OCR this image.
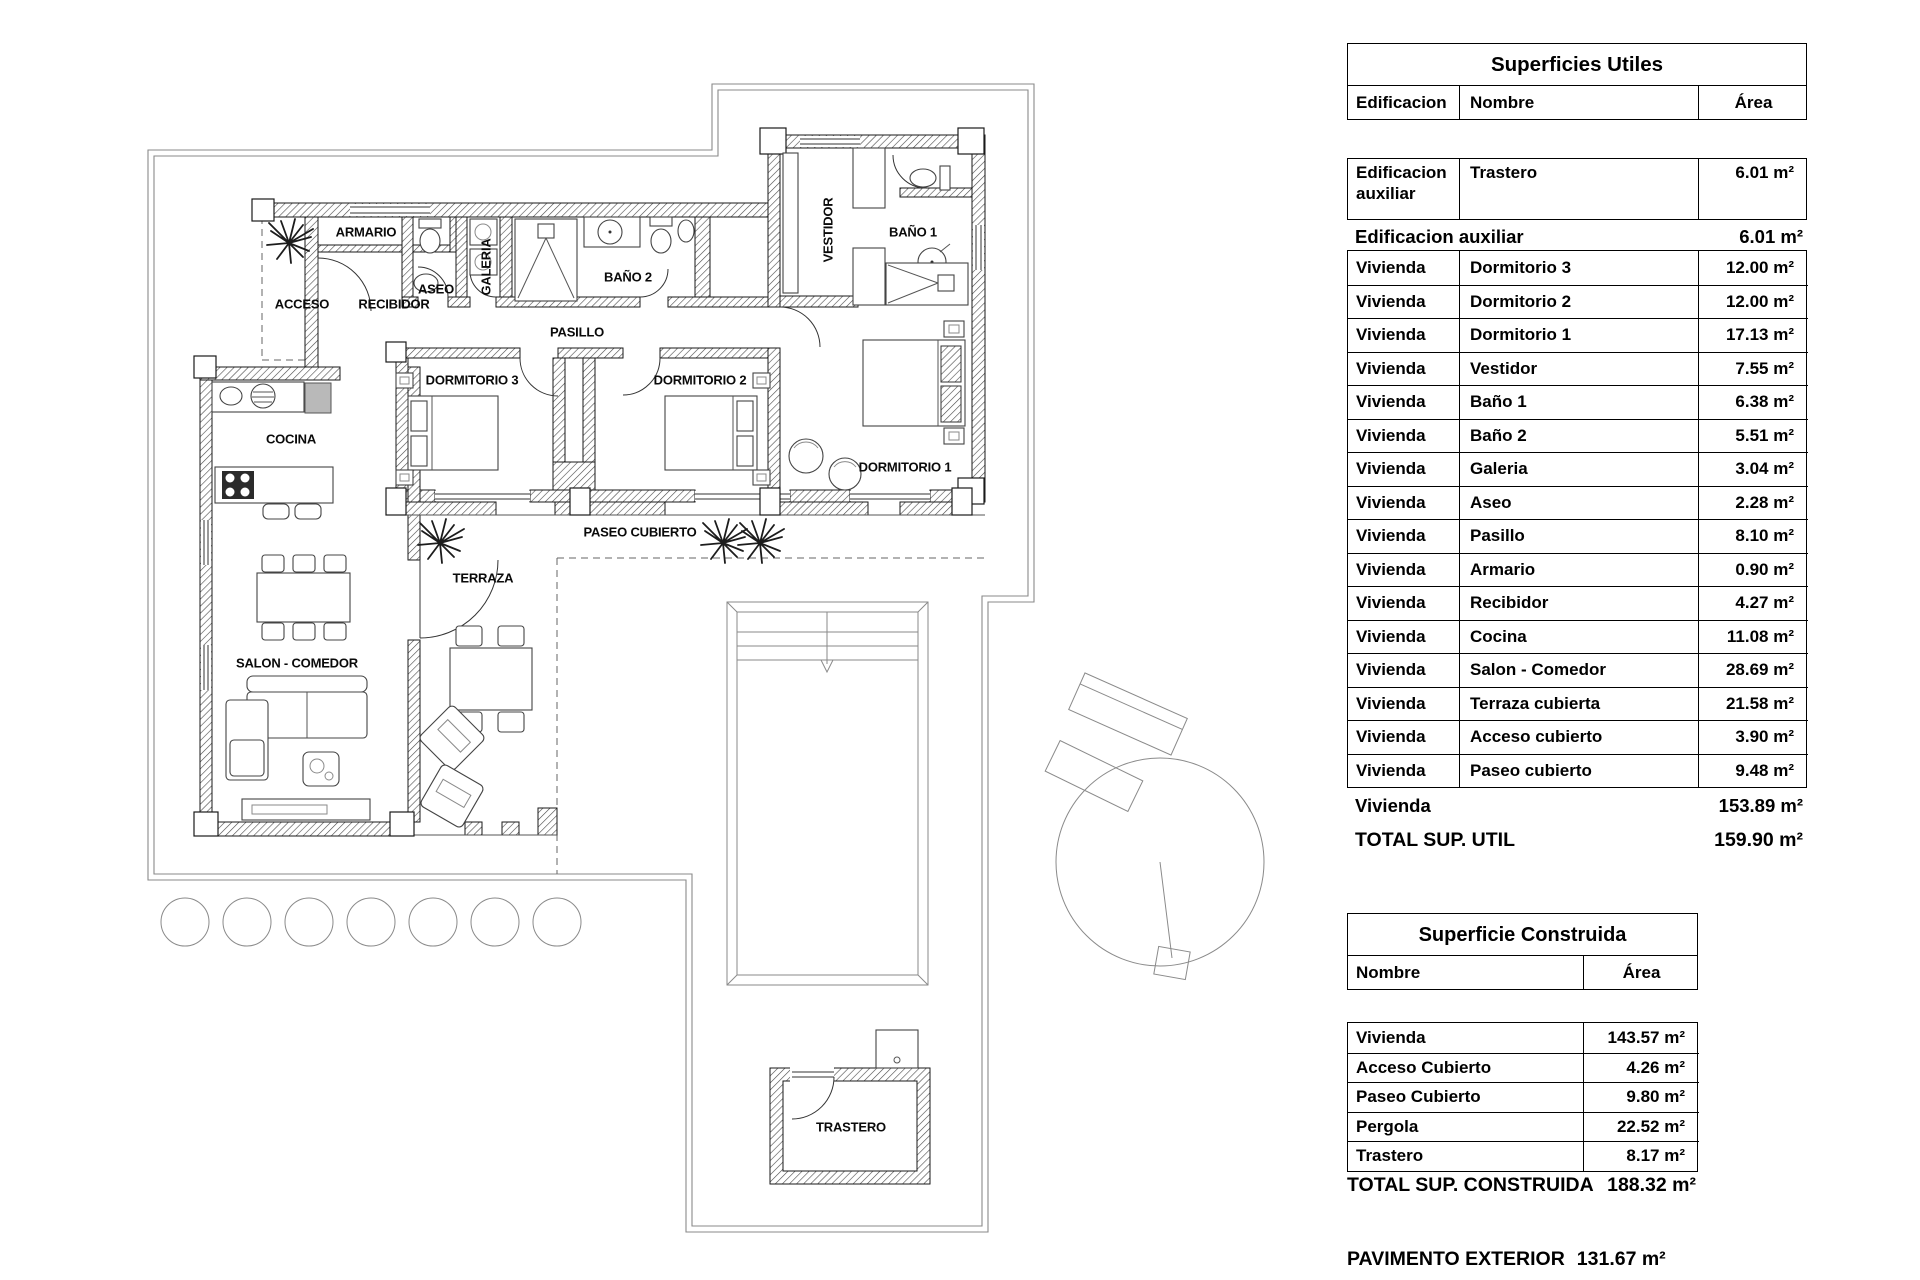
ARMARIO
ACCESO RECIBIDOR
ASEO GALERIA	BAÑO 2
PASILLO
VESTIDOR	BAÑO 1
DORMITORIO 1
DORMITORIO 3	DORMITORIO 2
COCINA
SALON - COMEDOR
TERRAZA
PASEO CUBIERTO
TRASTERO
Superficies Utiles
Edificacion	Nombre	Área
Edificacion auxiliar
Trastero	6.01 m²
Edificacion auxiliar	6.01 m²
Vivienda	Dormitorio 3	12.00 m²
Vivienda	Dormitorio 2	12.00 m²
Vivienda	Dormitorio 1	17.13 m²
Vivienda	Vestidor	7.55 m²
Vivienda	Baño 1	6.38 m²
Vivienda	Baño 2	5.51 m²
Vivienda	Galeria	3.04 m²
Vivienda	Aseo	2.28 m²
Vivienda	Pasillo	8.10 m²
Vivienda	Armario	0.90 m²
Vivienda	Recibidor	4.27 m²
Vivienda	Cocina	11.08 m²
Vivienda	Salon - Comedor	28.69 m²
Vivienda	Terraza cubierta	21.58 m²
Vivienda	Acceso cubierto	3.90 m²
Vivienda	Paseo cubierto	9.48 m²
Vivienda	153.89 m²
TOTAL SUP. UTIL	159.90 m²
Superficie Construida
Nombre	Área
Vivienda	143.57 m²
Acceso Cubierto	4.26 m²
Paseo Cubierto	9.80 m²
Pergola	22.52 m²
Trastero	8.17 m²
TOTAL SUP. CONSTRUIDA 188.32 m²
PAVIMENTO EXTERIOR 131.67 m²
